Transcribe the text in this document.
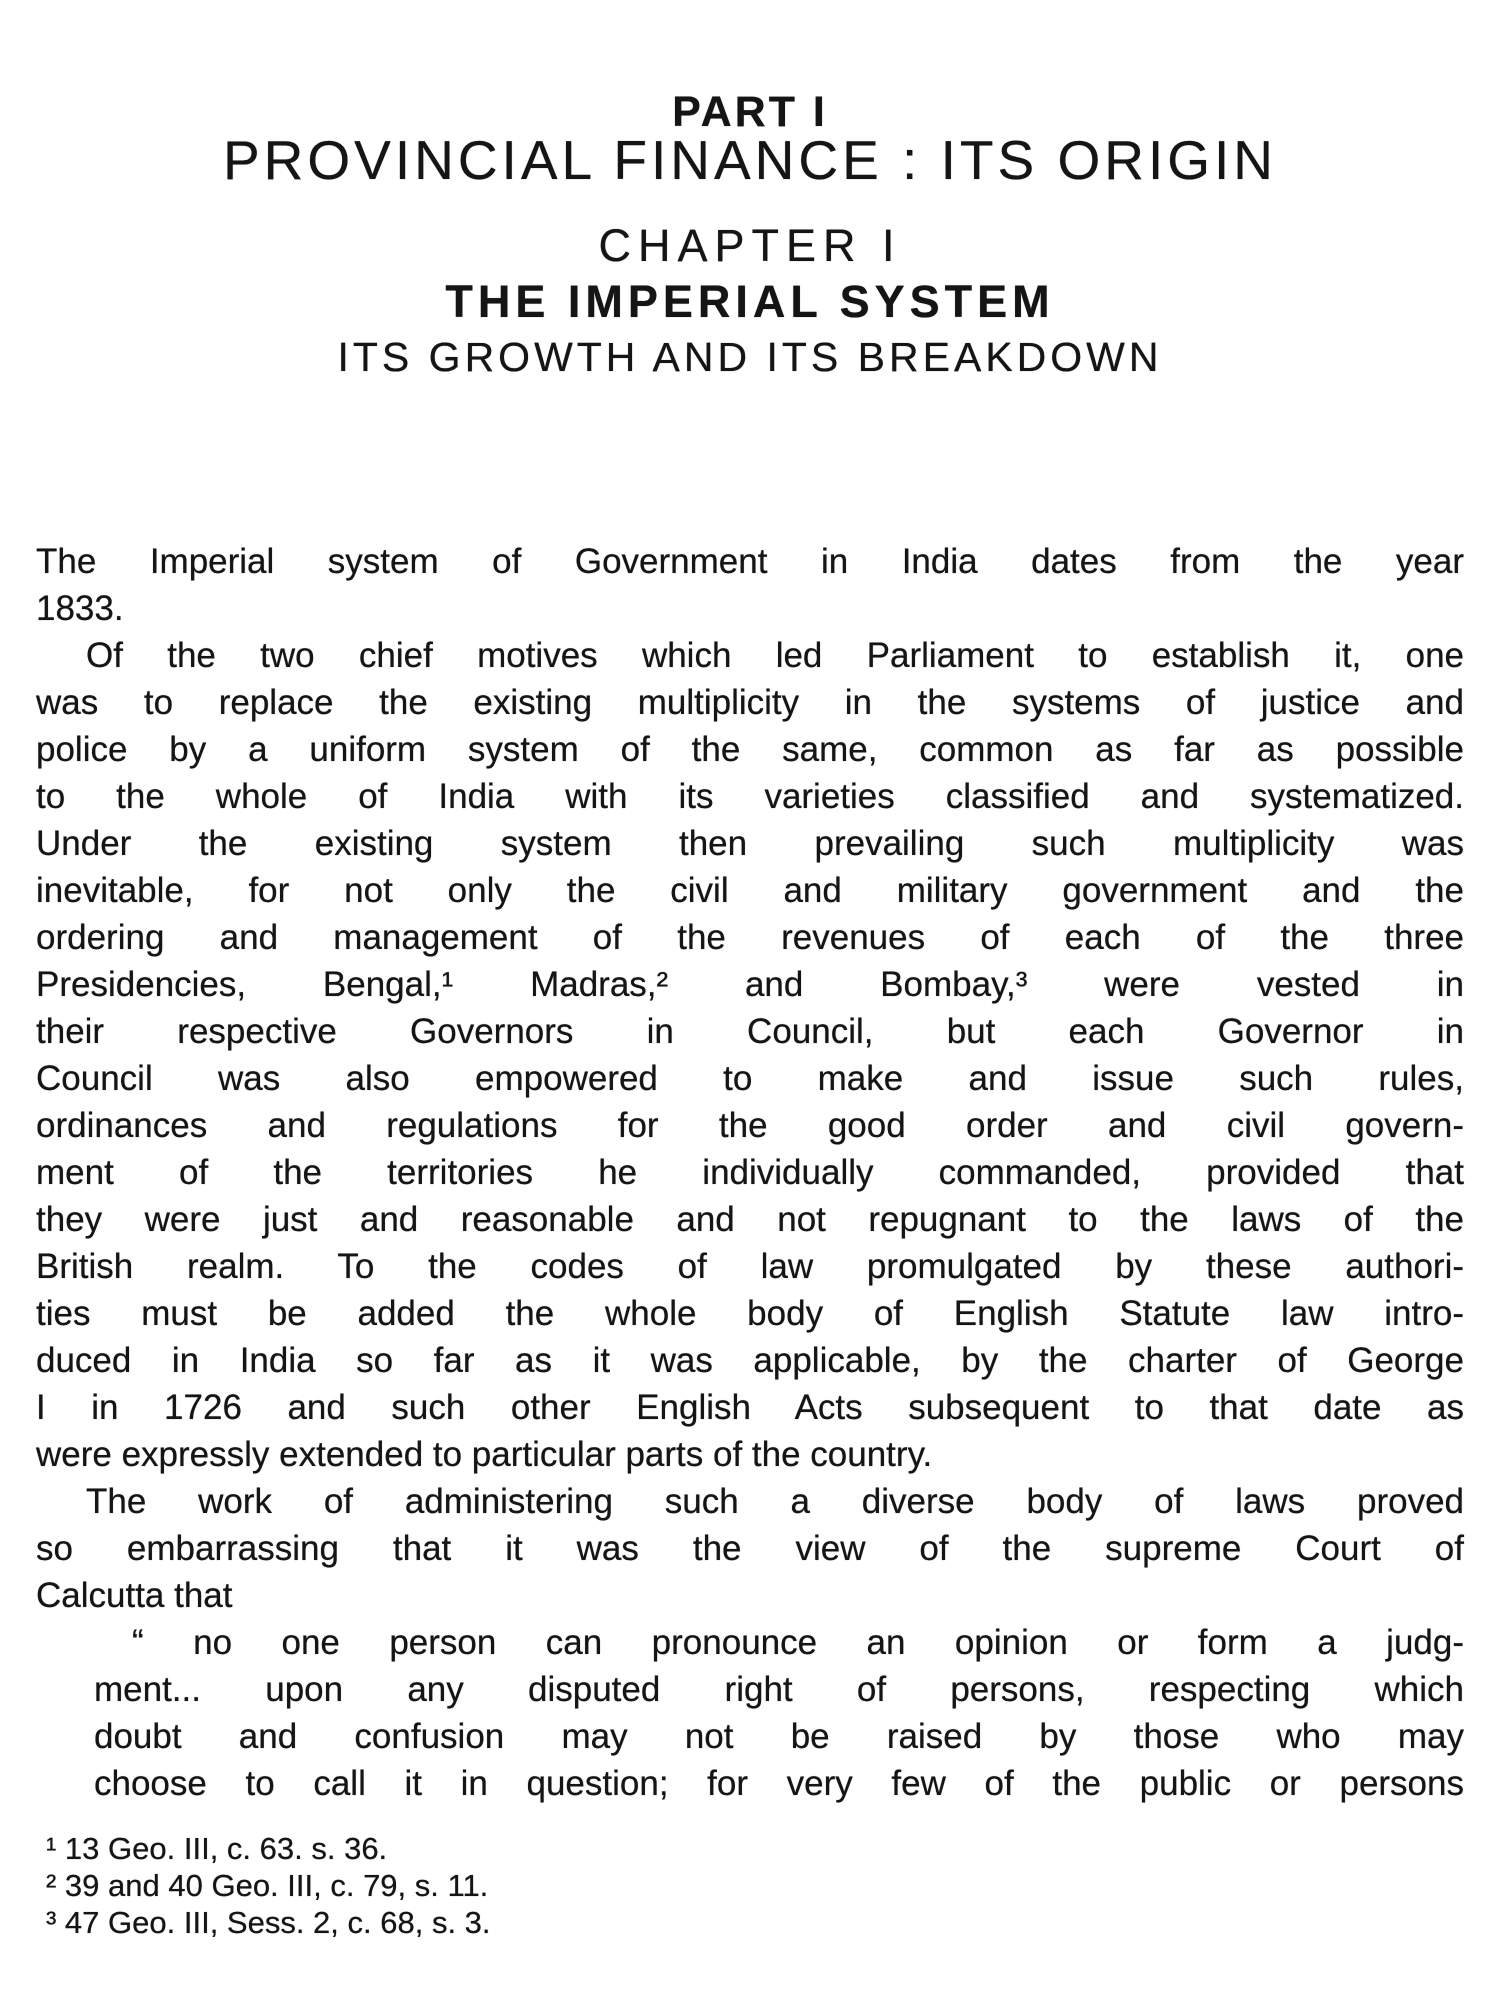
PART I
PROVINCIAL FINANCE : ITS ORIGIN
CHAPTER I
THE IMPERIAL SYSTEM
ITS GROWTH AND ITS BREAKDOWN
The Imperial system of Government in India dates from the year
1833.
Of the two chief motives which led Parliament to establish it, one
was to replace the existing multiplicity in the systems of justice and
police by a uniform system of the same, common as far as possible
to the whole of India with its varieties classified and systematized.
Under the existing system then prevailing such multiplicity was
inevitable, for not only the civil and military government and the
ordering and management of the revenues of each of the three
Presidencies, Bengal,¹ Madras,² and Bombay,³ were vested in
their respective Governors in Council, but each Governor in
Council was also empowered to make and issue such rules,
ordinances and regulations for the good order and civil govern-
ment of the territories he individually commanded, provided that
they were just and reasonable and not repugnant to the laws of the
British realm. To the codes of law promulgated by these authori-
ties must be added the whole body of English Statute law intro-
duced in India so far as it was applicable, by the charter of George
I in 1726 and such other English Acts subsequent to that date as
were expressly extended to particular parts of the country.
The work of administering such a diverse body of laws proved
so embarrassing that it was the view of the supreme Court of
Calcutta that
“ no one person can pronounce an opinion or form a judg-
ment... upon any disputed right of persons, respecting which
doubt and confusion may not be raised by those who may
choose to call it in question; for very few of the public or persons
¹ 13 Geo. III, c. 63. s. 36.
² 39 and 40 Geo. III, c. 79, s. 11.
³ 47 Geo. III, Sess. 2, c. 68, s. 3.
